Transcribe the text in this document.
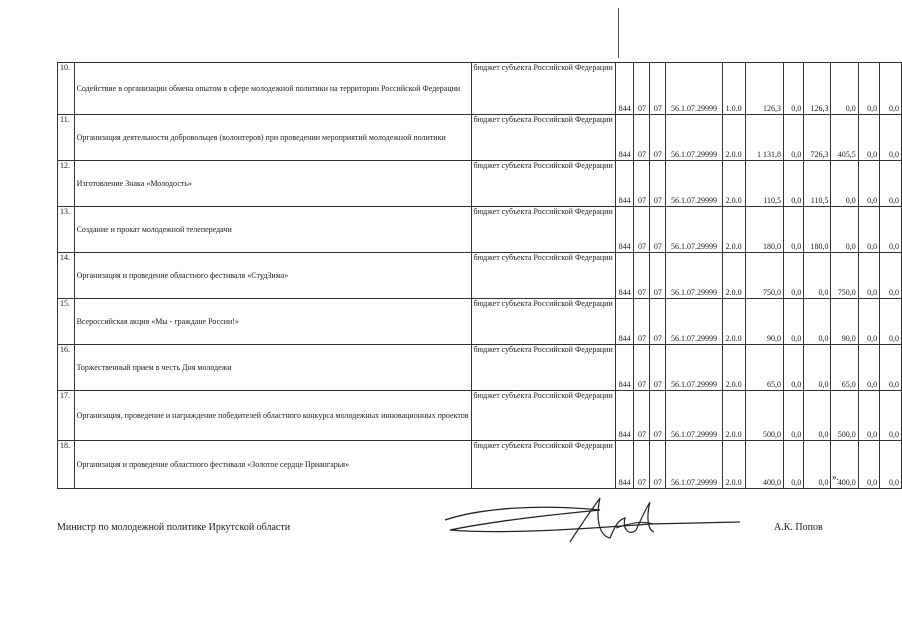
10.	Содействие в организации обмена опытом в сфере молодежной политики на территории Российской Федерации	бюджет субъекта Российской Федерации	844	07	07	56.1.07.29999	1.0.0	126,3	0,0	126,3	0,0	0,0	0,0
11.	Организация деятельности добровольцев (волонтеров) при проведении мероприятий молодежной политики	бюджет субъекта Российской Федерации	844	07	07	56.1.07.29999	2.0.0	1 131,8	0,0	726,3	405,5	0,0	0,0
12.	Изготовление Знака «Молодость»	бюджет субъекта Российской Федерации	844	07	07	56.1.07.29999	2.0.0	110,5	0,0	110,5	0,0	0,0	0,0
13.	Создание и прокат молодежной телепередачи	бюджет субъекта Российской Федерации	844	07	07	56.1.07.29999	2.0.0	180,0	0,0	180,0	0,0	0,0	0,0
14.	Организация и проведение областного фестиваля «СтудЗима»	бюджет субъекта Российской Федерации	844	07	07	56.1.07.29999	2.0.0	750,0	0,0	0,0	750,0	0,0	0,0
15.	Всероссийская акция «Мы - граждане России!»	бюджет субъекта Российской Федерации	844	07	07	56.1.07.29999	2.0.0	90,0	0,0	0,0	90,0	0,0	0,0
16.	Торжественный прием в честь Дня молодежи	бюджет субъекта Российской Федерации	844	07	07	56.1.07.29999	2.0.0	65,0	0,0	0,0	65,0	0,0	0,0
17.	Организация, проведение и награждение победителей областного конкурса молодежных инновационных проектов	бюджет субъекта Российской Федерации	844	07	07	56.1.07.29999	2.0.0	500,0	0,0	0,0	500,0	0,0	0,0
18.	Организация и проведение областного фестиваля «Золотое сердце Приангарья»	бюджет субъекта Российской Федерации	844	07	07	56.1.07.29999	2.0.0	400,0	0,0	0,0	400,0	0,0	0,0
».
Министр по молодежной политике Иркутской области	А.К. Попов
